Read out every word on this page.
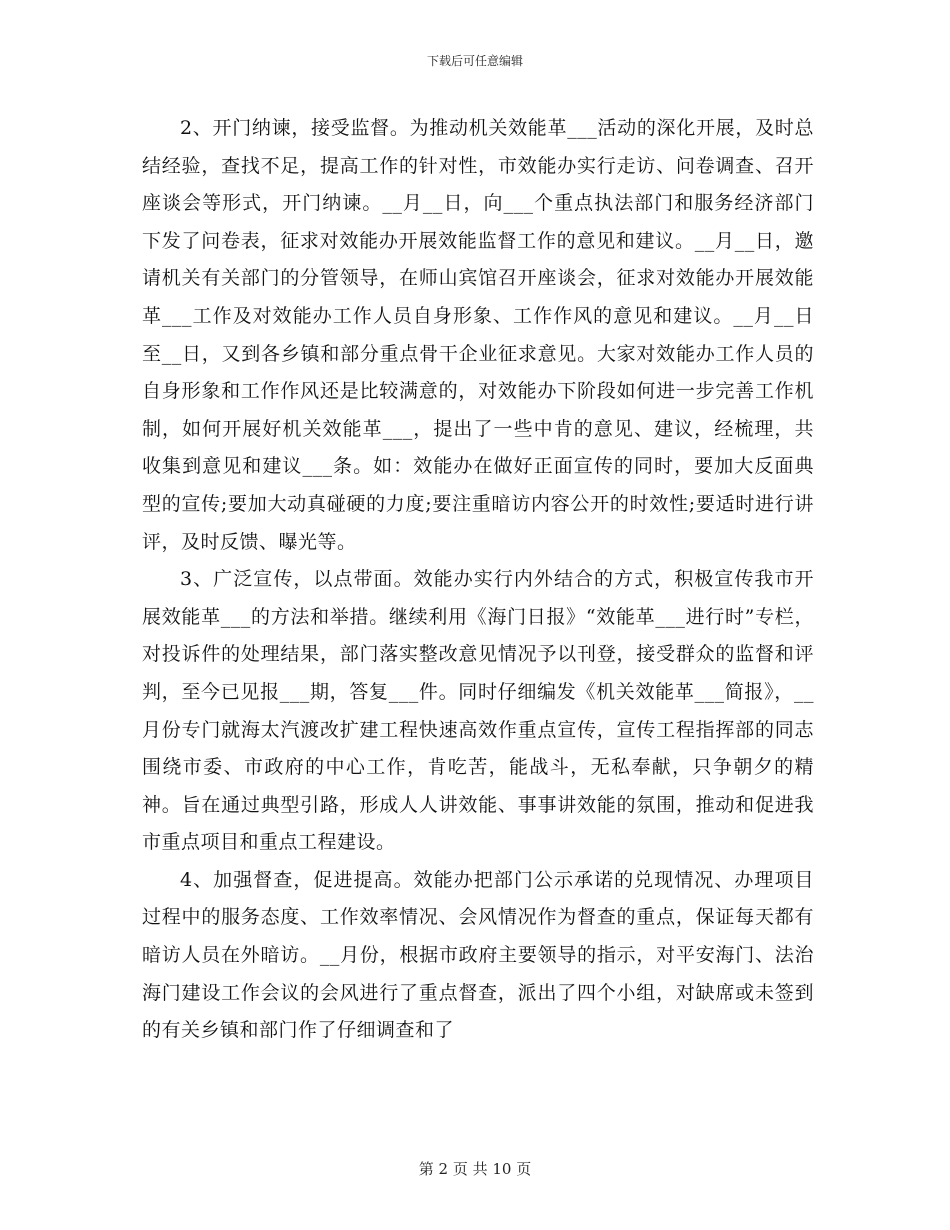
下载后可任意编辑

2、开门纳谏，接受监督。为推动机关效能革___活动的深化开展，及时总结经验，查找不足，提高工作的针对性，市效能办实行走访、问卷调查、召开座谈会等形式，开门纳谏。__月__日，向___个重点执法部门和服务经济部门下发了问卷表，征求对效能办开展效能监督工作的意见和建议。__月__日，邀请机关有关部门的分管领导，在师山宾馆召开座谈会，征求对效能办开展效能革___工作及对效能办工作人员自身形象、工作作风的意见和建议。__月__日至__日，又到各乡镇和部分重点骨干企业征求意见。大家对效能办工作人员的自身形象和工作作风还是比较满意的，对效能办下阶段如何进一步完善工作机制，如何开展好机关效能革___，提出了一些中肯的意见、建议，经梳理，共收集到意见和建议___条。如：效能办在做好正面宣传的同时，要加大反面典型的宣传;要加大动真碰硬的力度;要注重暗访内容公开的时效性;要适时进行讲评，及时反馈、曝光等。

3、广泛宣传，以点带面。效能办实行内外结合的方式，积极宣传我市开展效能革___的方法和举措。继续利用《海门日报》“效能革___进行时”专栏，对投诉件的处理结果，部门落实整改意见情况予以刊登，接受群众的监督和评判，至今已见报___期，答复___件。同时仔细编发《机关效能革___简报》，__月份专门就海太汽渡改扩建工程快速高效作重点宣传，宣传工程指挥部的同志围绕市委、市政府的中心工作，肯吃苦，能战斗，无私奉献，只争朝夕的精神。旨在通过典型引路，形成人人讲效能、事事讲效能的氛围，推动和促进我市重点项目和重点工程建设。

4、加强督查，促进提高。效能办把部门公示承诺的兑现情况、办理项目过程中的服务态度、工作效率情况、会风情况作为督查的重点，保证每天都有暗访人员在外暗访。__月份，根据市政府主要领导的指示，对平安海门、法治海门建设工作会议的会风进行了重点督查，派出了四个小组，对缺席或未签到的有关乡镇和部门作了仔细调查和了

第 2 页 共 10 页
